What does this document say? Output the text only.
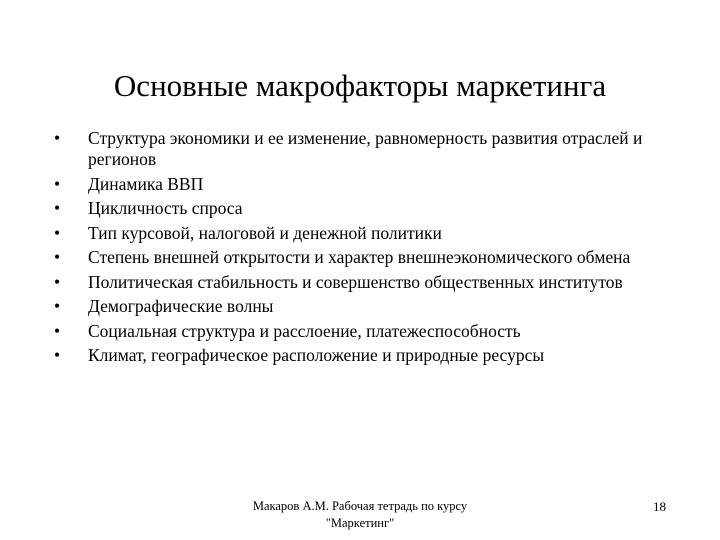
Основные макрофакторы маркетинга
•	Структура экономики и ее изменение, равномерность развития отраслей и регионов
•	Динамика ВВП
•	Цикличность спроса
•	Тип курсовой, налоговой и денежной политики
•	Степень внешней открытости и характер внешнеэкономического обмена
•	Политическая стабильность и совершенство общественных институтов
•	Демографические волны
•	Социальная структура и расслоение, платежеспособность
•	Климат, географическое расположение и природные ресурсы
Макаров А.М. Рабочая тетрадь по курсу "Маркетинг"
18
